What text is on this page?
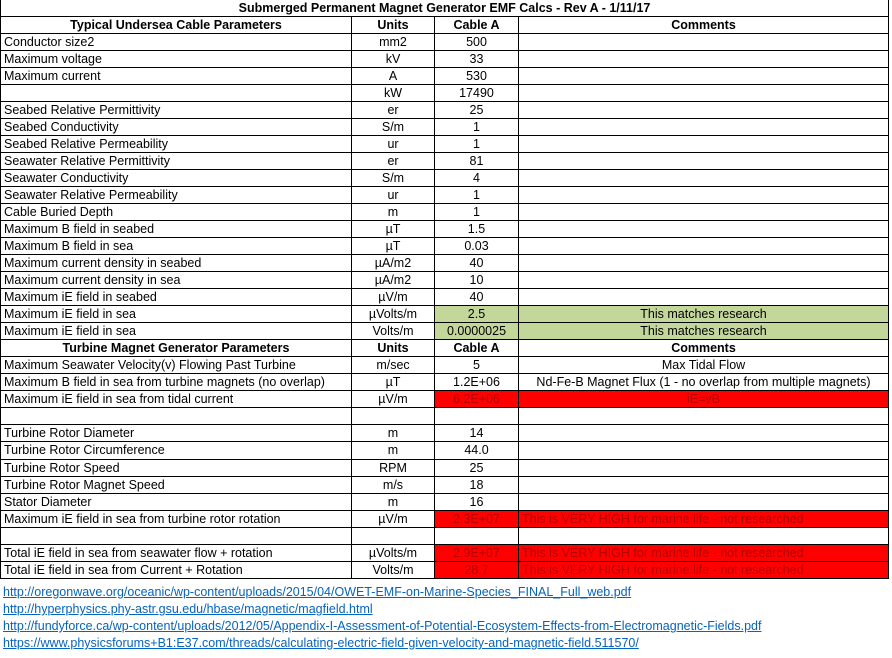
Submerged Permanent Magnet Generator EMF Calcs - Rev A - 1/11/17			
Typical Undersea Cable Parameters	Units	Cable A	Comments
Conductor size2	mm2	500	
Maximum voltage	kV	33	
Maximum current	A	530	
	kW	17490	
Seabed Relative Permittivity	er	25	
Seabed Conductivity	S/m	1	
Seabed Relative Permeability	ur	1	
Seawater Relative Permittivity	er	81	
Seawater Conductivity	S/m	4	
Seawater Relative Permeability	ur	1	
Cable Buried Depth	m	1	
Maximum B field in seabed	µT	1.5	
Maximum B field in sea	µT	0.03	
Maximum current density in seabed	µA/m2	40	
Maximum current density in sea	µA/m2	10	
Maximum iE field in seabed	µV/m	40	
Maximum iE field in sea	µVolts/m	2.5	This matches research
Maximum iE field in sea	Volts/m	0.0000025	This matches research
Turbine Magnet Generator Parameters	Units	Cable A	Comments
Maximum Seawater Velocity(v) Flowing Past Turbine	m/sec	5	Max Tidal Flow
Maximum B field in sea from turbine magnets (no overlap)	µT	1.2E+06	Nd-Fe-B Magnet Flux (1 - no overlap from multiple magnets)
Maximum iE field in sea from tidal current	µV/m	6.2E+06	iE=vB

Turbine Rotor Diameter	m	14	
Turbine Rotor Circumference	m	44.0	
Turbine Rotor Speed	RPM	25	
Turbine Rotor Magnet Speed	m/s	18	
Stator Diameter	m	16	
Maximum iE field in sea from turbine rotor rotation	µV/m	2.3E+07	This is VERY HIGH for marine life - not researched

Total iE field in sea from seawater flow + rotation	µVolts/m	2.9E+07	This is VERY HIGH for marine life - not researched
Total iE field in sea from Current + Rotation	Volts/m	28.7	This is VERY HIGH for marine life - not researched
http://oregonwave.org/oceanic/wp-content/uploads/2015/04/OWET-EMF-on-Marine-Species_FINAL_Full_web.pdf
http://hyperphysics.phy-astr.gsu.edu/hbase/magnetic/magfield.html
http://fundyforce.ca/wp-content/uploads/2012/05/Appendix-I-Assessment-of-Potential-Ecosystem-Effects-from-Electromagnetic-Fields.pdf
https://www.physicsforums+B1:E37.com/threads/calculating-electric-field-given-velocity-and-magnetic-field.511570/
